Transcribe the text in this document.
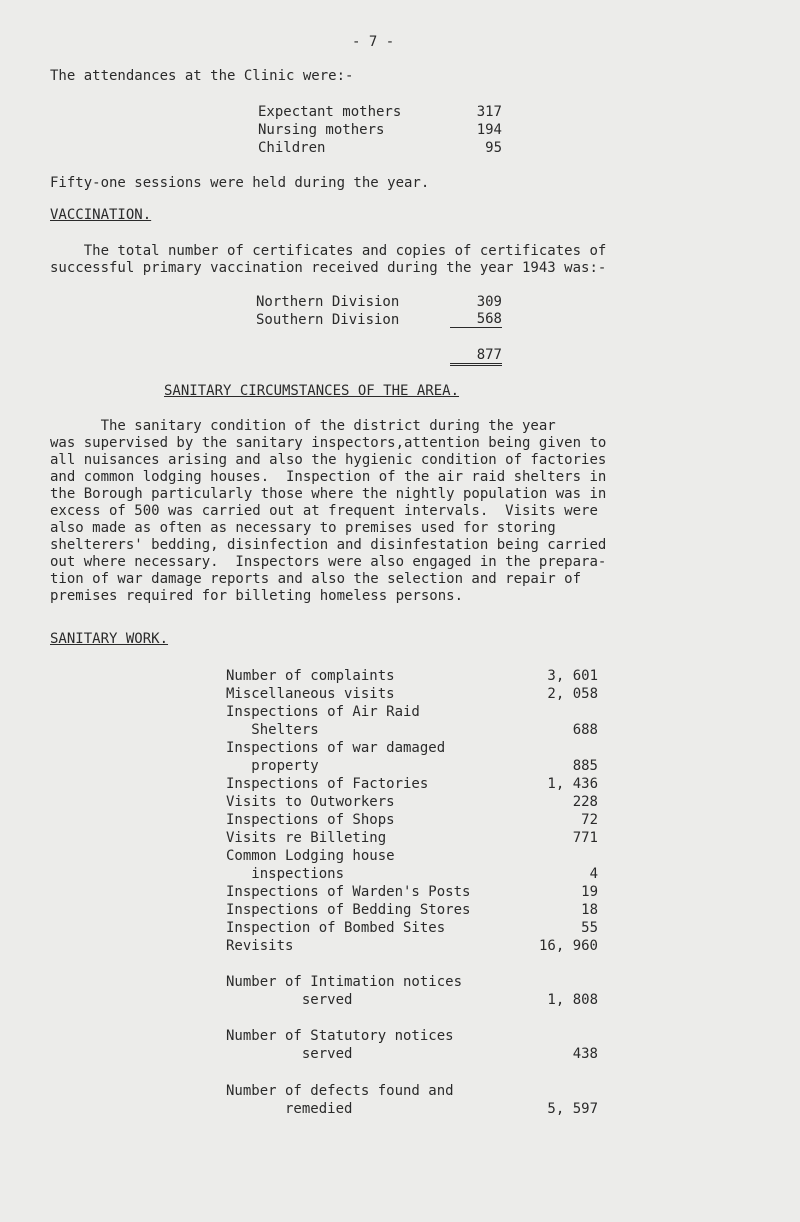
- 7 -
The attendances at the Clinic were:-
Expectant mothers	317
Nursing mothers	194
Children	95
Fifty-one sessions were held during the year.
VACCINATION.
The total number of certificates and copies of certificates of
successful primary vaccination received during the year 1943 was:-
Northern Division	309
Southern Division	568
877
SANITARY CIRCUMSTANCES OF THE AREA.
The sanitary condition of the district during the year
was supervised by the sanitary inspectors,attention being given to
all nuisances arising and also the hygienic condition of factories
and common lodging houses.  Inspection of the air raid shelters in
the Borough particularly those where the nightly population was in
excess of 500 was carried out at frequent intervals.  Visits were
also made as often as necessary to premises used for storing
shelterers' bedding, disinfection and disinfestation being carried
out where necessary.  Inspectors were also engaged in the prepara-
tion of war damage reports and also the selection and repair of
premises required for billeting homeless persons.
SANITARY WORK.
Number of complaints	3, 601
Miscellaneous visits	2, 058
Inspections of Air Raid
Shelters	688
Inspections of war damaged
property	885
Inspections of Factories	1, 436
Visits to Outworkers	228
Inspections of Shops	72
Visits re Billeting	771
Common Lodging house
inspections	4
Inspections of Warden's Posts	19
Inspections of Bedding Stores	18
Inspection of Bombed Sites	55
Revisits	16, 960
Number of Intimation notices
served	1, 808
Number of Statutory notices
served	438
Number of defects found and
remedied	5, 597
